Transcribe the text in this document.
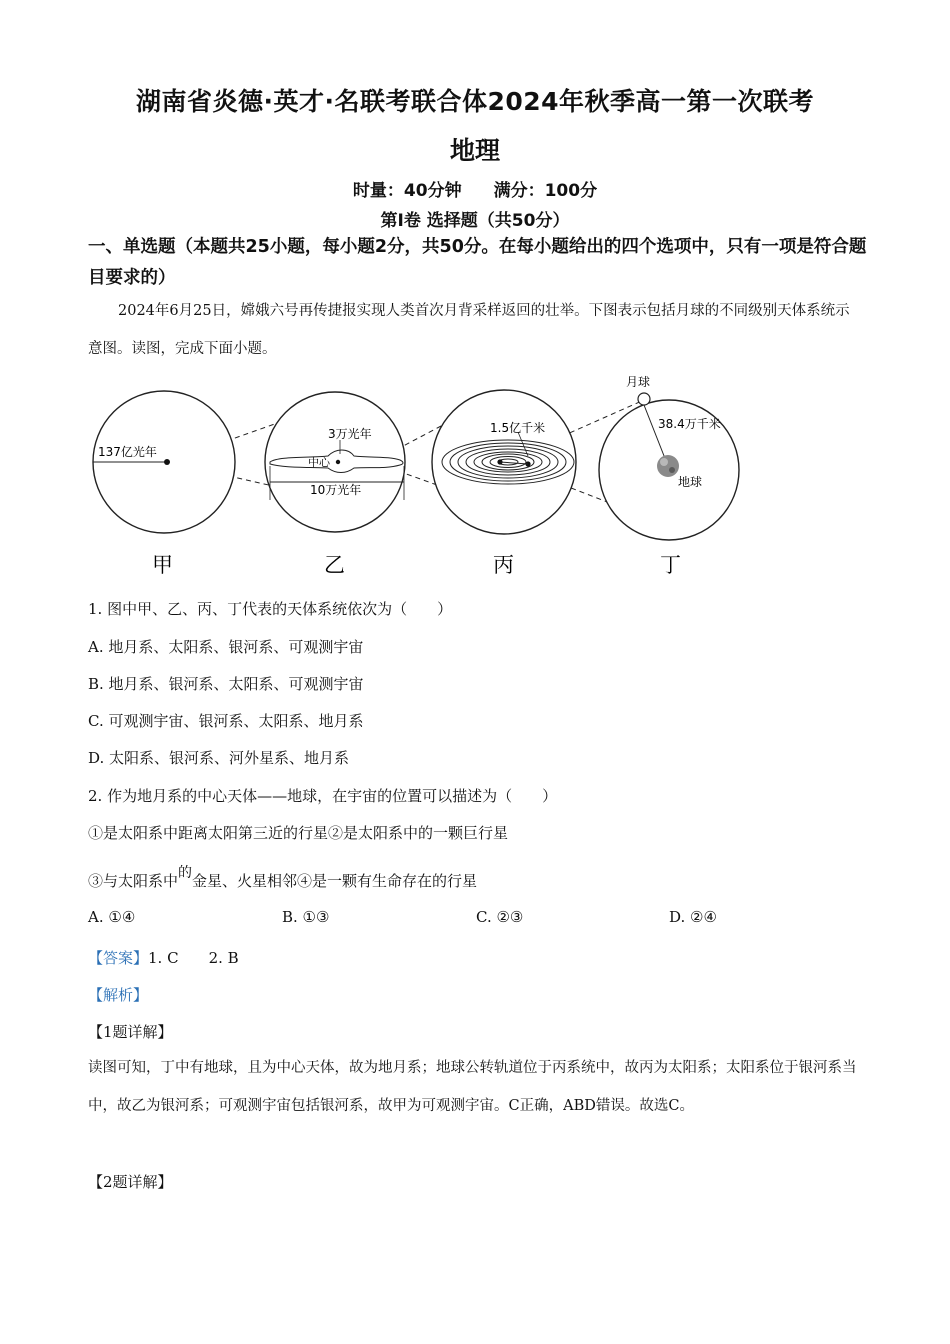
湖南省炎德·英才·名联考联合体2024年秋季高一第一次联考
地理
时量：40分钟 满分：100分
第Ⅰ卷 选择题（共50分）
一、单选题（本题共25小题，每小题2分，共50分。在每小题给出的四个选项中，只有一项是符合题目要求的）
2024年6月25日，嫦娥六号再传捷报实现人类首次月背采样返回的壮举。下图表示包括月球的不同级别天体系统示意图。读图，完成下面小题。
137亿光年
3万光年
中心
10万光年
1.5亿千米
月球
38.4万千米
地球
甲	乙	丙	丁
1. 图中甲、乙、丙、丁代表的天体系统依次为（　　）
A. 地月系、太阳系、银河系、可观测宇宙
B. 地月系、银河系、太阳系、可观测宇宙
C. 可观测宇宙、银河系、太阳系、地月系
D. 太阳系、银河系、河外星系、地月系
2. 作为地月系的中心天体——地球，在宇宙的位置可以描述为（　　）
①是太阳系中距离太阳第三近的行星②是太阳系中的一颗巨行星
③与太阳系中的金星、火星相邻④是一颗有生命存在的行星
A. ①④	B. ①③	C. ②③	D. ②④
【答案】1. C　　2. B
【解析】
【1题详解】
读图可知，丁中有地球，且为中心天体，故为地月系；地球公转轨道位于丙系统中，故丙为太阳系；太阳系位于银河系当中，故乙为银河系；可观测宇宙包括银河系，故甲为可观测宇宙。C正确，ABD错误。故选C。
【2题详解】
